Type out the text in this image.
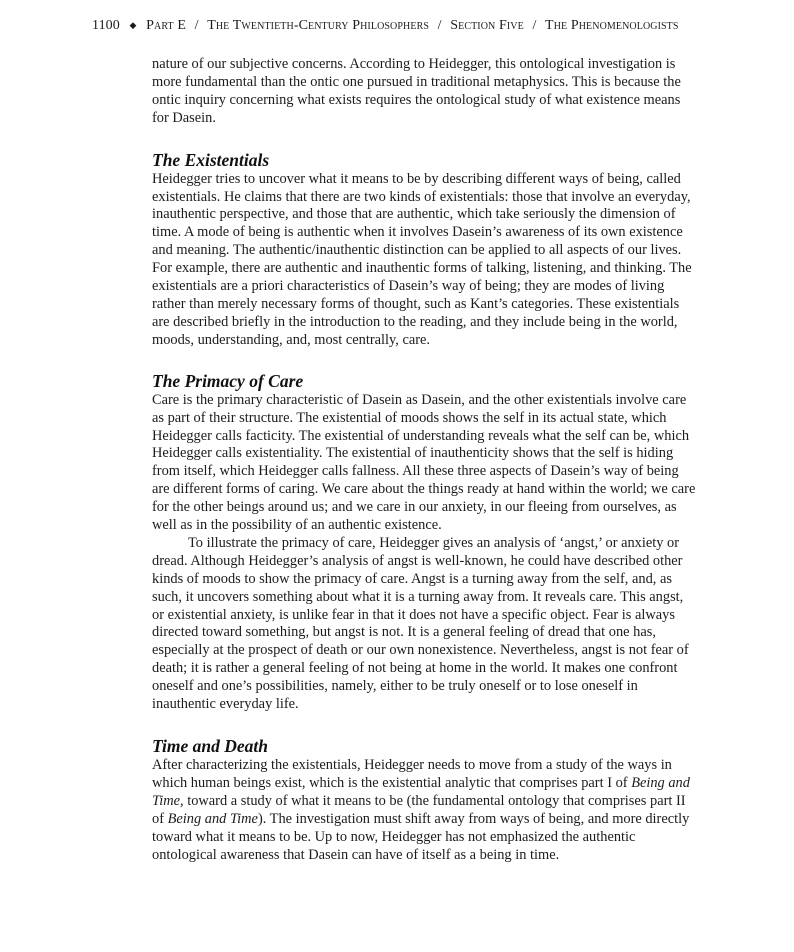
1100 ◆ Part E / The Twentieth-Century Philosophers / Section Five / The Phenomenologists

nature of our subjective concerns. According to Heidegger, this ontological investigation is more fundamental than the ontic one pursued in traditional metaphysics. This is because the ontic inquiry concerning what exists requires the ontological study of what existence means for Dasein.

The Existentials

Heidegger tries to uncover what it means to be by describing different ways of being, called existentials. He claims that there are two kinds of existentials: those that involve an everyday, inauthentic perspective, and those that are authentic, which take seriously the dimension of time. A mode of being is authentic when it involves Dasein’s awareness of its own existence and meaning. The authentic/inauthentic distinction can be applied to all aspects of our lives. For example, there are authentic and inauthentic forms of talking, listening, and thinking. The existentials are a priori characteristics of Dasein’s way of being; they are modes of living rather than merely necessary forms of thought, such as Kant’s categories. These existentials are described briefly in the introduction to the reading, and they include being in the world, moods, understanding, and, most centrally, care.

The Primacy of Care

Care is the primary characteristic of Dasein as Dasein, and the other existentials involve care as part of their structure. The existential of moods shows the self in its actual state, which Heidegger calls facticity. The existential of understanding reveals what the self can be, which Heidegger calls existentiality. The existential of inauthenticity shows that the self is hiding from itself, which Heidegger calls fallness. All these three aspects of Dasein’s way of being are different forms of caring. We care about the things ready at hand within the world; we care for the other beings around us; and we care in our anxiety, in our fleeing from ourselves, as well as in the possibility of an authentic existence.

To illustrate the primacy of care, Heidegger gives an analysis of ‘angst,’ or anxiety or dread. Although Heidegger’s analysis of angst is well-known, he could have described other kinds of moods to show the primacy of care. Angst is a turning away from the self, and, as such, it uncovers something about what it is a turning away from. It reveals care. This angst, or existential anxiety, is unlike fear in that it does not have a specific object. Fear is always directed toward something, but angst is not. It is a general feeling of dread that one has, especially at the prospect of death or our own nonexistence. Nevertheless, angst is not fear of death; it is rather a general feeling of not being at home in the world. It makes one confront oneself and one’s possibilities, namely, either to be truly oneself or to lose oneself in inauthentic everyday life.

Time and Death

After characterizing the existentials, Heidegger needs to move from a study of the ways in which human beings exist, which is the existential analytic that comprises part I of Being and Time, toward a study of what it means to be (the fundamental ontology that comprises part II of Being and Time). The investigation must shift away from ways of being, and more directly toward what it means to be. Up to now, Heidegger has not emphasized the authentic ontological awareness that Dasein can have of itself as a being in time.
